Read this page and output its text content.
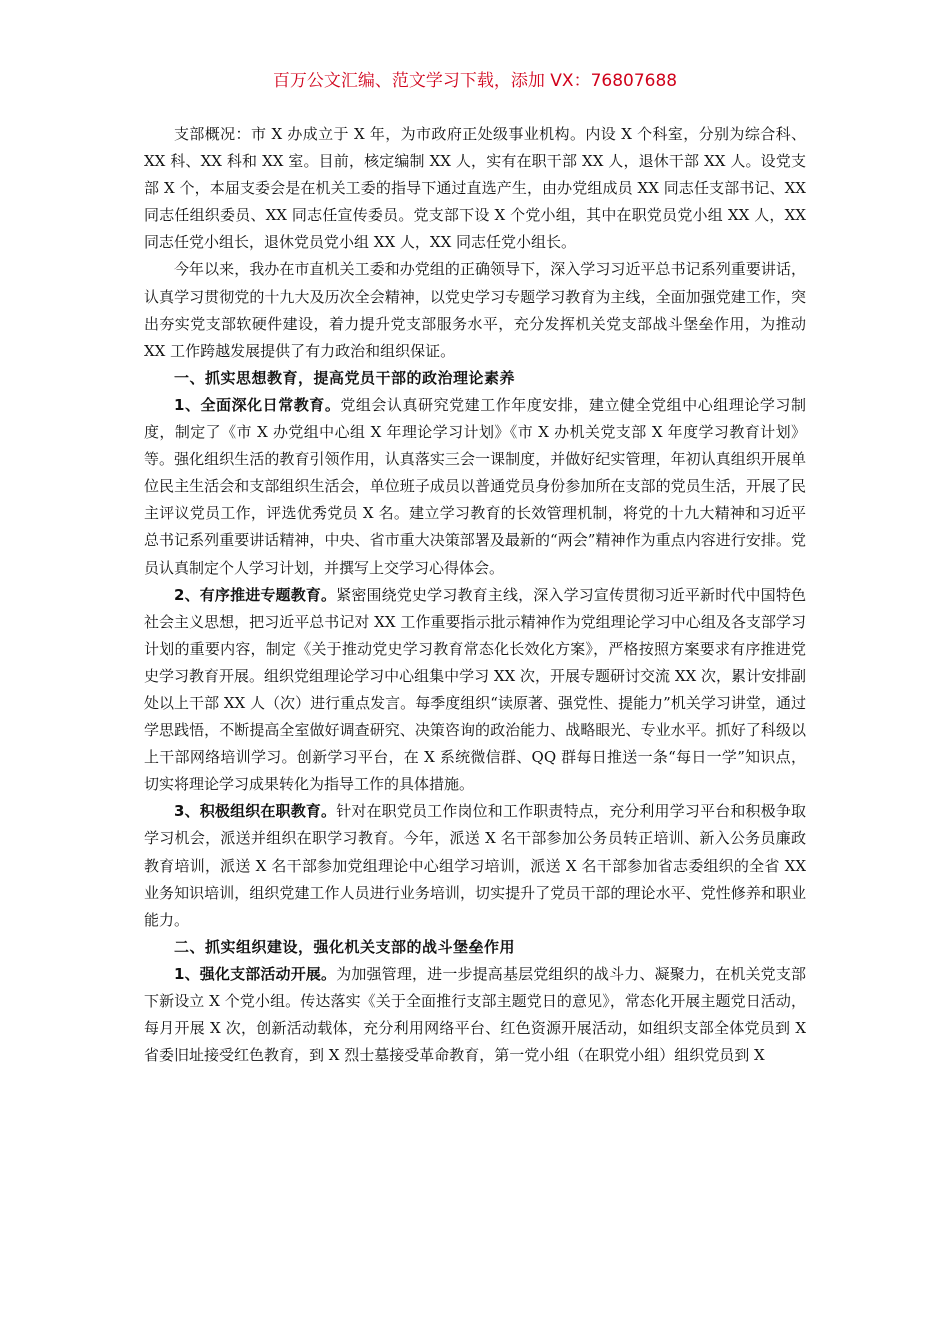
百万公文汇编、范文学习下载，添加 VX：76807688

支部概况：市 X 办成立于 X 年，为市政府正处级事业机构。内设 X 个科室，分别为综合科、XX 科、XX 科和 XX 室。目前，核定编制 XX 人，实有在职干部 XX 人，退休干部 XX 人。设党支部 X 个，本届支委会是在机关工委的指导下通过直选产生，由办党组成员 XX 同志任支部书记、XX 同志任组织委员、XX 同志任宣传委员。党支部下设 X 个党小组，其中在职党员党小组 XX 人，XX 同志任党小组长，退休党员党小组 XX 人，XX 同志任党小组长。

今年以来，我办在市直机关工委和办党组的正确领导下，深入学习习近平总书记系列重要讲话，认真学习贯彻党的十九大及历次全会精神，以党史学习专题学习教育为主线，全面加强党建工作，突出夯实党支部软硬件建设，着力提升党支部服务水平，充分发挥机关党支部战斗堡垒作用，为推动 XX 工作跨越发展提供了有力政治和组织保证。

一、抓实思想教育，提高党员干部的政治理论素养

1、全面深化日常教育。党组会认真研究党建工作年度安排，建立健全党组中心组理论学习制度，制定了《市 X 办党组中心组 X 年理论学习计划》《市 X 办机关党支部 X 年度学习教育计划》等。强化组织生活的教育引领作用，认真落实三会一课制度，并做好纪实管理，年初认真组织开展单位民主生活会和支部组织生活会，单位班子成员以普通党员身份参加所在支部的党员生活，开展了民主评议党员工作，评选优秀党员 X 名。建立学习教育的长效管理机制，将党的十九大精神和习近平总书记系列重要讲话精神，中央、省市重大决策部署及最新的“两会”精神作为重点内容进行安排。党员认真制定个人学习计划，并撰写上交学习心得体会。

2、有序推进专题教育。紧密围绕党史学习教育主线，深入学习宣传贯彻习近平新时代中国特色社会主义思想，把习近平总书记对 XX 工作重要指示批示精神作为党组理论学习中心组及各支部学习计划的重要内容，制定《关于推动党史学习教育常态化长效化方案》，严格按照方案要求有序推进党史学习教育开展。组织党组理论学习中心组集中学习 XX 次，开展专题研讨交流 XX 次，累计安排副处以上干部 XX 人（次）进行重点发言。每季度组织“读原著、强党性、提能力”机关学习讲堂，通过学思践悟，不断提高全室做好调查研究、决策咨询的政治能力、战略眼光、专业水平。抓好了科级以上干部网络培训学习。创新学习平台，在 X 系统微信群、QQ 群每日推送一条“每日一学”知识点，切实将理论学习成果转化为指导工作的具体措施。

3、积极组织在职教育。针对在职党员工作岗位和工作职责特点，充分利用学习平台和积极争取学习机会，派送并组织在职学习教育。今年，派送 X 名干部参加公务员转正培训、新入公务员廉政教育培训，派送 X 名干部参加党组理论中心组学习培训，派送 X 名干部参加省志委组织的全省 XX 业务知识培训，组织党建工作人员进行业务培训，切实提升了党员干部的理论水平、党性修养和职业能力。

二、抓实组织建设，强化机关支部的战斗堡垒作用

1、强化支部活动开展。为加强管理，进一步提高基层党组织的战斗力、凝聚力，在机关党支部下新设立 X 个党小组。传达落实《关于全面推行支部主题党日的意见》，常态化开展主题党日活动，每月开展 X 次，创新活动载体，充分利用网络平台、红色资源开展活动，如组织支部全体党员到 X 省委旧址接受红色教育，到 X 烈士墓接受革命教育，第一党小组（在职党小组）组织党员到 X
